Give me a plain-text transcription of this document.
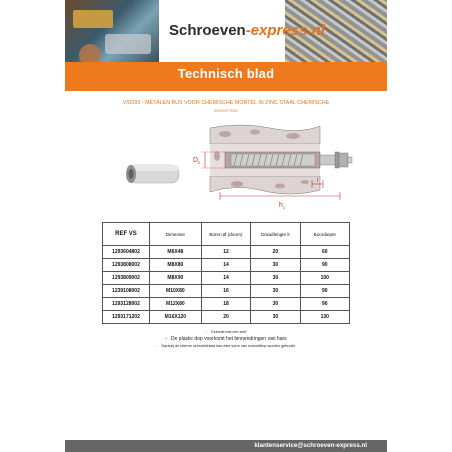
Schroeven-express.nl
Technisch blad
VSI293 - METALEN BUS VOOR CHEMISCHE MORTEL IN ZINC STAAL CHEMISCHE
AFCHOYTING
D 0
h 1
l
REF VS	Dimensie	Boren Ø (doorn)	Draadlengte lt	Boordiepte
1293604802	M6X48	12	20	60
1293808002	M8X80	14	30	90
1293809002	M8X90	14	30	100
1239108002	M10X80	16	30	90
1293128002	M12X80	18	30	90
1293171202	M16X120	20	30	130
- Gebruikt met een zeef
- De plastic dop voorkomt het binnendringen van hars
- Dankzij de interne schroefdraad kan elke vorm van schroefkop worden gebruikt.
klantenservice@schroeven-express.nl
